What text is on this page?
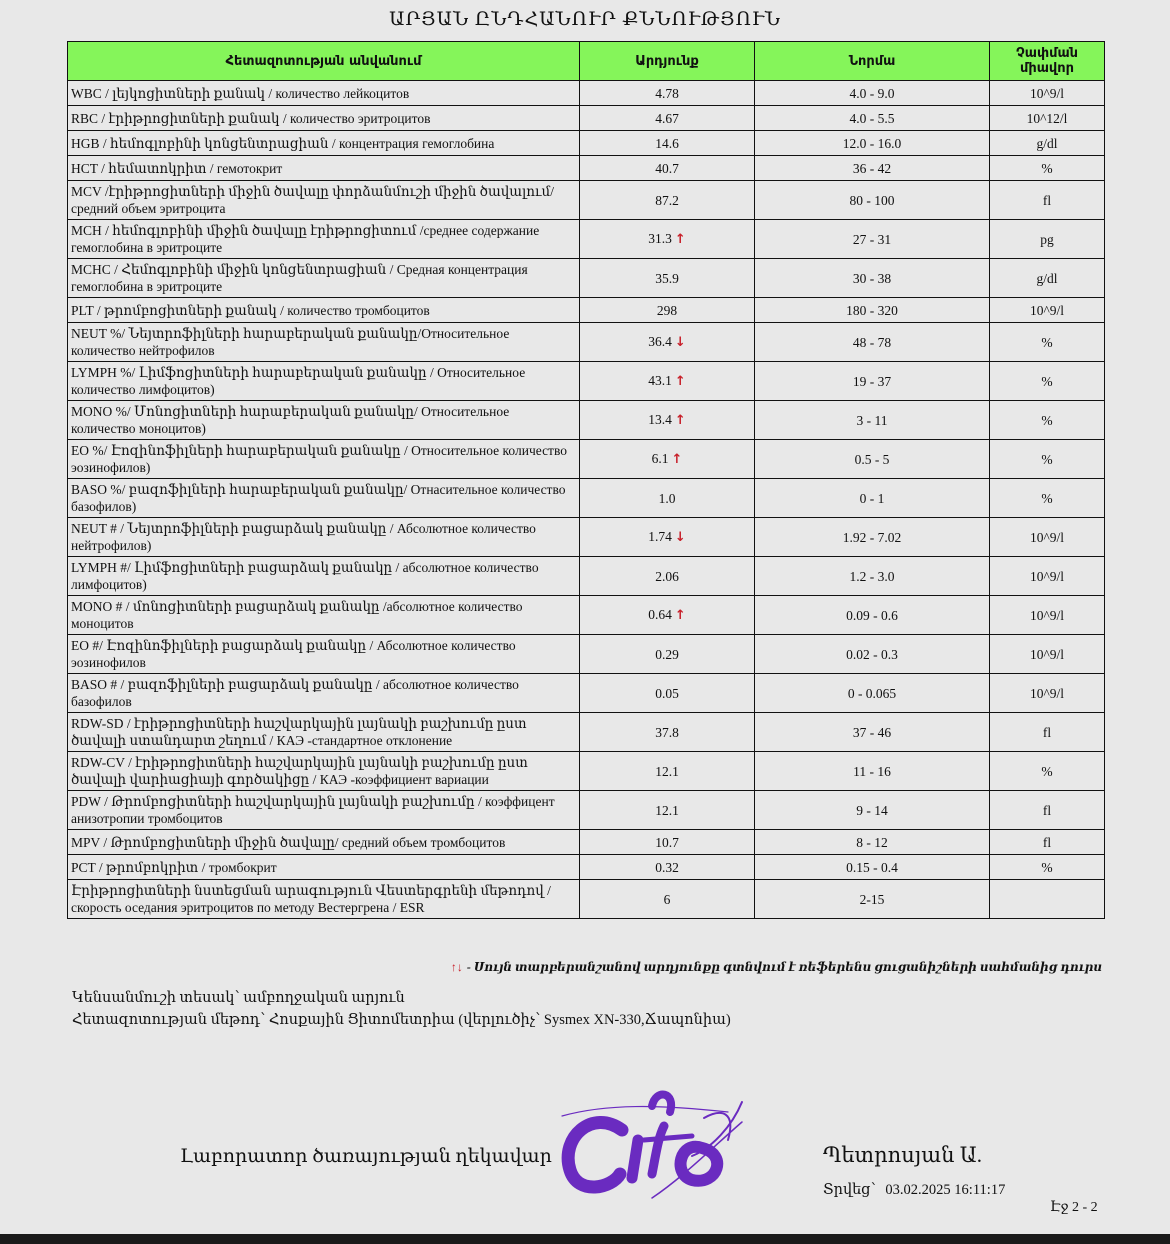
ԱՐՅԱՆ ԸՆԴՀԱՆՈՒՐ ՔՆՆՈՒԹՅՈՒՆ
Հետազոտության անվանում	Արդյունք	Նորմա	Չափման միավոր
WBC / լեյկոցիտների քանակ / количество лейкоцитов	4.78	4.0 - 9.0	10^9/l
RBC / էրիթրոցիտների քանակ / количество эритроцитов	4.67	4.0 - 5.5	10^12/l
HGB / հեմոգլոբինի կոնցենտրացիան / концентрация гемоглобина	14.6	12.0 - 16.0	g/dl
HCT / հեմատոկրիտ / гемотокрит	40.7	36 - 42	%
MCV /էրիթրոցիտների միջին ծավալը փորձանմուշի միջին ծավալում/ средний объем эритроцита	87.2	80 - 100	fl
MCH / հեմոգլոբինի միջին ծավալը էրիթրոցիտում /среднее содержание гемоглобина в эритроците	31.3 ↑	27 - 31	pg
MCHC / Հեմոգլոբինի միջին կոնցենտրացիան / Средная концентрация гемоглобина в эритроците	35.9	30 - 38	g/dl
PLT / թրոմբոցիտների քանակ / количество тромбоцитов	298	180 - 320	10^9/l
NEUT %/ Նեյտրոֆիլների հարաբերական քանակը/Относительное количество нейтрофилов	36.4 ↓	48 - 78	%
LYMPH %/ Լիմֆոցիտների հարաբերական քանակը / Относительное количество лимфоцитов)	43.1 ↑	19 - 37	%
MONO %/ Մոնոցիտների հարաբերական քանակը/ Относительное количество моноцитов)	13.4 ↑	3 - 11	%
EO %/ Էոզինոֆիլների հարաբերական քանակը / Относительное количество эозинофилов)	6.1 ↑	0.5 - 5	%
BASO %/ բազոֆիլների հարաբերական քանակը/ Отнасительное количество базофилов)	1.0	0 - 1	%
NEUT # / Նեյտրոֆիլների բացարձակ քանակը / Абсолютное количество нейтрофилов)	1.74 ↓	1.92 - 7.02	10^9/l
LYMPH #/ Լիմֆոցիտների բացարձակ քանակը / абсолютное количество лимфоцитов)	2.06	1.2 - 3.0	10^9/l
MONO # / մոնոցիտների բացարձակ քանակը /абсолютное количество моноцитов	0.64 ↑	0.09 - 0.6	10^9/l
EO #/ Էոզինոֆիլների բացարձակ քանակը / Абсолютное количество эозинофилов	0.29	0.02 - 0.3	10^9/l
BASO # / բազոֆիլների բացարձակ քանակը / абсолютное количество базофилов	0.05	0 - 0.065	10^9/l
RDW-SD / էրիթրոցիտների հաշվարկային լայնակի բաշխումը ըստ ծավալի ստանդարտ շեղում / КАЭ -стандартное отклонение	37.8	37 - 46	fl
RDW-CV / էրիթրոցիտների հաշվարկային լայնակի բաշխումը ըստ ծավալի վարիացիայի գործակիցը / КАЭ -коэффициент вариации	12.1	11 - 16	%
PDW / Թրոմբոցիտների հաշվարկային լայնակի բաշխումը / коэффицент анизотропии тромбоцитов	12.1	9 - 14	fl
MPV / Թրոմբոցիտների միջին ծավալը/ средний объем тромбоцитов	10.7	8 - 12	fl
PCT / թրոմբոկրիտ / тромбокрит	0.32	0.15 - 0.4	%
Էրիթրոցիտների նստեցման արագություն Վեստերգրենի մեթոդով / скорость оседания эритроцитов по методу Вестергрена / ESR	6	2-15	
↑↓ - Սույն տարբերանշանով արդյունքը գտնվում է ռեֆերենս ցուցանիշների սահմանից դուրս
Կենսանմուշի տեսակ՝ ամբողջական արյուն
Հետազոտության մեթոդ՝ Հոսքային Ցիտոմետրիա (վերլուծիչ՝ Sysmex XN-330,Ճապոնիա)
Լաբորատոր ծառայության ղեկավար	Պետրոսյան Ա.
Տրվեց՝ 03.02.2025 16:11:17
Էջ 2 - 2
